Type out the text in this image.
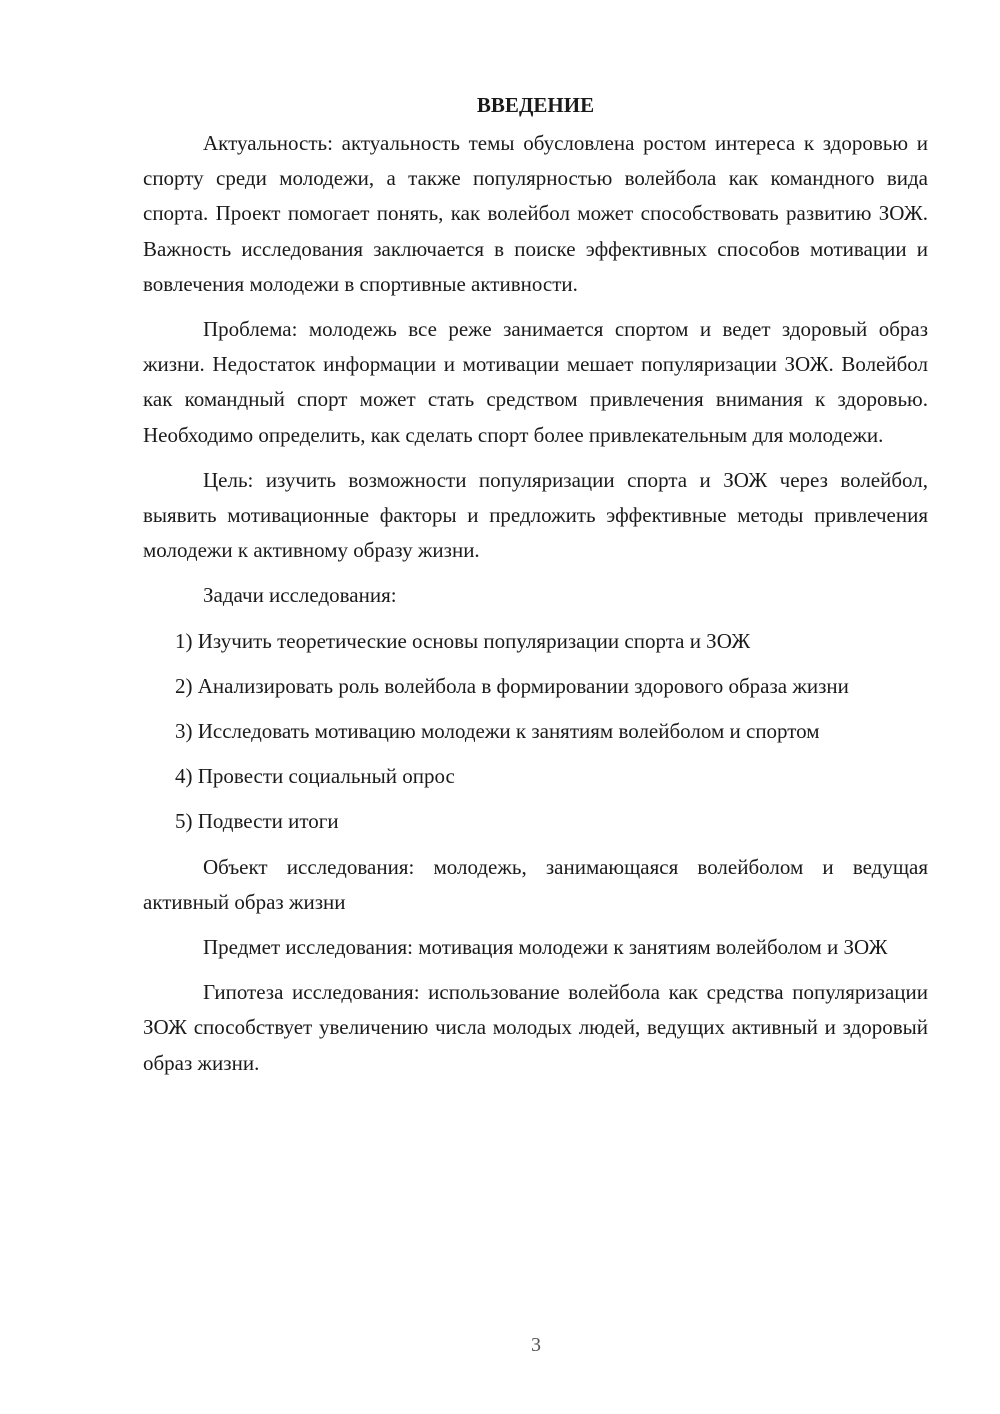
ВВЕДЕНИЕ

Актуальность: актуальность темы обусловлена ростом интереса к здоровью и спорту среди молодежи, а также популярностью волейбола как командного вида спорта. Проект помогает понять, как волейбол может способствовать развитию ЗОЖ. Важность исследования заключается в поиске эффективных способов мотивации и вовлечения молодежи в спортивные активности.

Проблема: молодежь все реже занимается спортом и ведет здоровый образ жизни. Недостаток информации и мотивации мешает популяризации ЗОЖ. Волейбол как командный спорт может стать средством привлечения внимания к здоровью. Необходимо определить, как сделать спорт более привлекательным для молодежи.

Цель: изучить возможности популяризации спорта и ЗОЖ через волейбол, выявить мотивационные факторы и предложить эффективные методы привлечения молодежи к активному образу жизни.

Задачи исследования:

1) Изучить теоретические основы популяризации спорта и ЗОЖ

2) Анализировать роль волейбола в формировании здорового образа жизни

3) Исследовать мотивацию молодежи к занятиям волейболом и спортом

4) Провести социальный опрос

5) Подвести итоги

Объект исследования: молодежь, занимающаяся волейболом и ведущая активный образ жизни

Предмет исследования: мотивация молодежи к занятиям волейболом и ЗОЖ

Гипотеза исследования: использование волейбола как средства популяризации ЗОЖ способствует увеличению числа молодых людей, ведущих активный и здоровый образ жизни.

3
